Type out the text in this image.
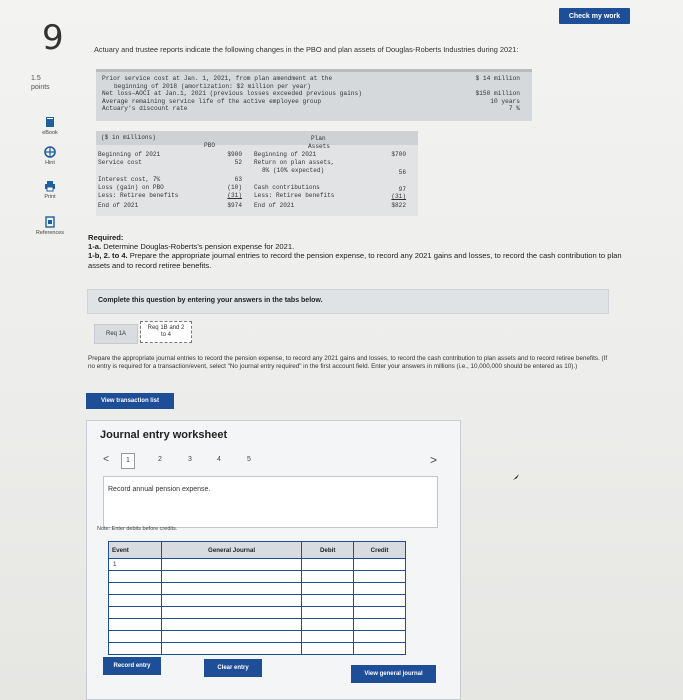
Check my work
9	Actuary and trustee reports indicate the following changes in the PBO and plan assets of Douglas-Roberts Industries during 2021:
1.5
points
eBook
Hint
Print
References
Prior service cost at Jan. 1, 2021, from plan amendment at the	$ 14 million
beginning of 2018 (amortization: $2 million per year)
Net loss–AOCI at Jan.1, 2021 (previous losses exceeded previous gains)	$150 million
Average remaining service life of the active employee group	10 years
Actuary's discount rate	7 %
($ in millions)
PBO
Plan
Assets
Beginning of 2021	$900
Service cost	52
Interest cost, 7%	63
Loss (gain) on PBO	(10)
Less: Retiree benefits	(31)
End of 2021	$974
Beginning of 2021	$700
Return on plan assets,
8% (10% expected)	56
Cash contributions	97
Less: Retiree benefits	(31)
End of 2021	$822
Required:
1-a. Determine Douglas-Roberts's pension expense for 2021.
1-b, 2. to 4. Prepare the appropriate journal entries to record the pension expense, to record any 2021 gains and losses, to record the cash contribution to plan assets and to record retiree benefits.
Complete this question by entering your answers in the tabs below.
Req 1A
Req 1B and 2
to 4
Prepare the appropriate journal entries to record the pension expense, to record any 2021 gains and losses, to record the cash contribution to plan assets and to record retiree benefits. (If no entry is required for a transaction/event, select "No journal entry required" in the first account field. Enter your answers in millions (i.e., 10,000,000 should be entered as 10).)
View transaction list
Journal entry worksheet
<	1	2	3	4	5
Record annual pension expense.
Note: Enter debits before credits.
Event	General Journal	Debit	Credit
1			

Record entry	Clear entry
View general journal
>
